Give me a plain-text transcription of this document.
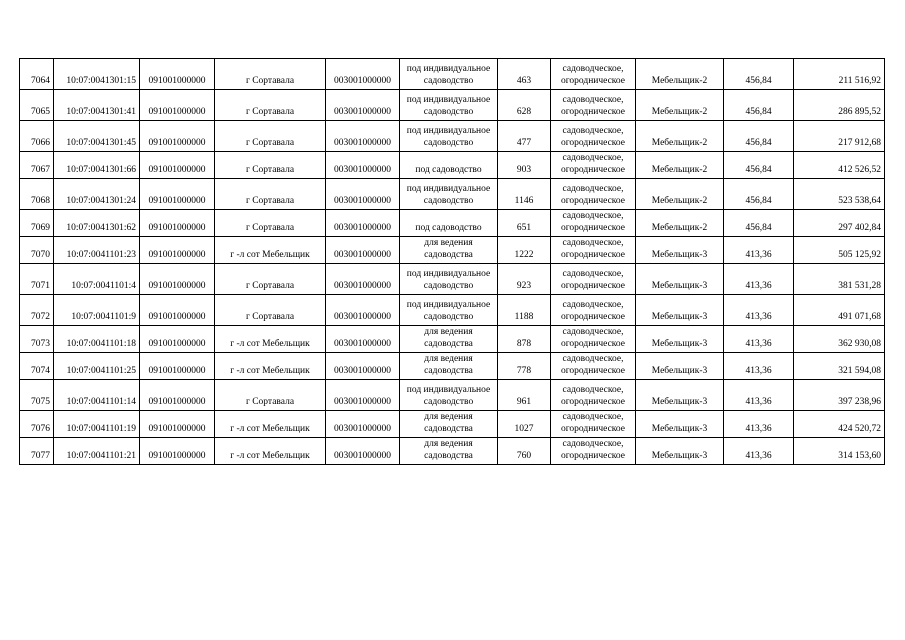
7064	10:07:0041301:15	091001000000	г Сортавала	003001000000	под индивидуальное садоводство	463	садоводческое, огородническое	Мебельщик-2	456,84	211 516,92
7065	10:07:0041301:41	091001000000	г Сортавала	003001000000	под индивидуальное садоводство	628	садоводческое, огородническое	Мебельщик-2	456,84	286 895,52
7066	10:07:0041301:45	091001000000	г Сортавала	003001000000	под индивидуальное садоводство	477	садоводческое, огородническое	Мебельщик-2	456,84	217 912,68
7067	10:07:0041301:66	091001000000	г Сортавала	003001000000	под садоводство	903	садоводческое, огородническое	Мебельщик-2	456,84	412 526,52
7068	10:07:0041301:24	091001000000	г Сортавала	003001000000	под индивидуальное садоводство	1146	садоводческое, огородническое	Мебельщик-2	456,84	523 538,64
7069	10:07:0041301:62	091001000000	г Сортавала	003001000000	под садоводство	651	садоводческое, огородническое	Мебельщик-2	456,84	297 402,84
7070	10:07:0041101:23	091001000000	г -л сот Мебельщик	003001000000	для ведения садоводства	1222	садоводческое, огородническое	Мебельщик-3	413,36	505 125,92
7071	10:07:0041101:4	091001000000	г Сортавала	003001000000	под индивидуальное садоводство	923	садоводческое, огородническое	Мебельщик-3	413,36	381 531,28
7072	10:07:0041101:9	091001000000	г Сортавала	003001000000	под индивидуальное садоводство	1188	садоводческое, огородническое	Мебельщик-3	413,36	491 071,68
7073	10:07:0041101:18	091001000000	г -л сот Мебельщик	003001000000	для ведения садоводства	878	садоводческое, огородническое	Мебельщик-3	413,36	362 930,08
7074	10:07:0041101:25	091001000000	г -л сот Мебельщик	003001000000	для ведения садоводства	778	садоводческое, огородническое	Мебельщик-3	413,36	321 594,08
7075	10:07:0041101:14	091001000000	г Сортавала	003001000000	под индивидуальное садоводство	961	садоводческое, огородническое	Мебельщик-3	413,36	397 238,96
7076	10:07:0041101:19	091001000000	г -л сот Мебельщик	003001000000	для ведения садоводства	1027	садоводческое, огородническое	Мебельщик-3	413,36	424 520,72
7077	10:07:0041101:21	091001000000	г -л сот Мебельщик	003001000000	для ведения садоводства	760	садоводческое, огородническое	Мебельщик-3	413,36	314 153,60
